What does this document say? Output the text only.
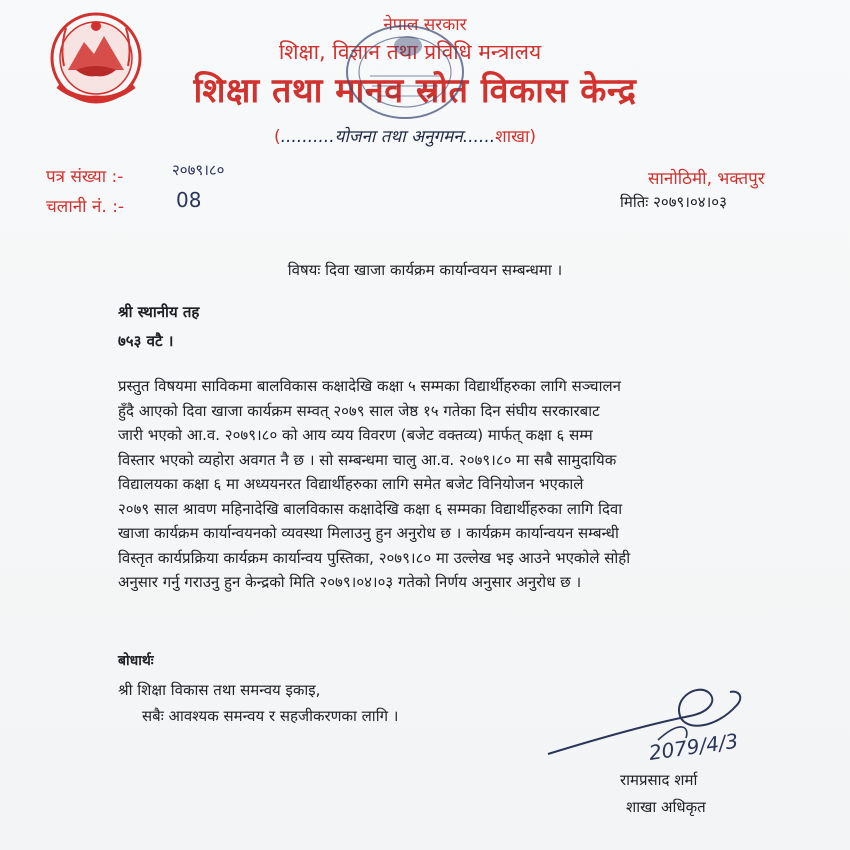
नेपाल सरकार
शिक्षा, विज्ञान तथा प्रविधि मन्त्रालय
शिक्षा तथा मानव स्रोत विकास केन्द्र
(..........योजना तथा अनुगमन......शाखा)
पत्र संख्या :-	२०७९।८०
चलानी नं. :-	08
सानोठिमी, भक्तपुर
मितिः २०७९।०४।०३
विषयः दिवा खाजा कार्यक्रम कार्यान्वयन सम्बन्धमा ।
श्री स्थानीय तह
७५३ वटै ।
प्रस्तुत विषयमा साविकमा बालविकास कक्षादेखि कक्षा ५ सम्मका विद्यार्थीहरुका लागि सञ्चालन
हुँदै आएको दिवा खाजा कार्यक्रम सम्वत् २०७९ साल जेष्ठ १५ गतेका दिन संघीय सरकारबाट
जारी भएको आ.व. २०७९।८० को आय व्यय विवरण (बजेट वक्तव्य) मार्फत् कक्षा ६ सम्म
विस्तार भएको व्यहोरा अवगत नै छ । सो सम्बन्धमा चालु आ.व. २०७९।८० मा सबै सामुदायिक
विद्यालयका कक्षा ६ मा अध्ययनरत विद्यार्थीहरुका लागि समेत बजेट विनियोजन भएकाले
२०७९ साल श्रावण महिनादेखि बालविकास कक्षादेखि कक्षा ६ सम्मका विद्यार्थीहरुका लागि दिवा
खाजा कार्यक्रम कार्यान्वयनको व्यवस्था मिलाउनु हुन अनुरोध छ । कार्यक्रम कार्यान्वयन सम्बन्धी
विस्तृत कार्यप्रक्रिया कार्यक्रम कार्यान्वय पुस्तिका, २०७९।८० मा उल्लेख भइ आउने भएकोले सोही
अनुसार गर्नु गराउनु हुन केन्द्रको मिति २०७९।०४।०३ गतेको निर्णय अनुसार अनुरोध छ ।
बोधार्थः
श्री शिक्षा विकास तथा समन्वय इकाइ,
सबैः आवश्यक समन्वय र सहजीकरणका लागि ।
2079/4/3
रामप्रसाद शर्मा
शाखा अधिकृत
